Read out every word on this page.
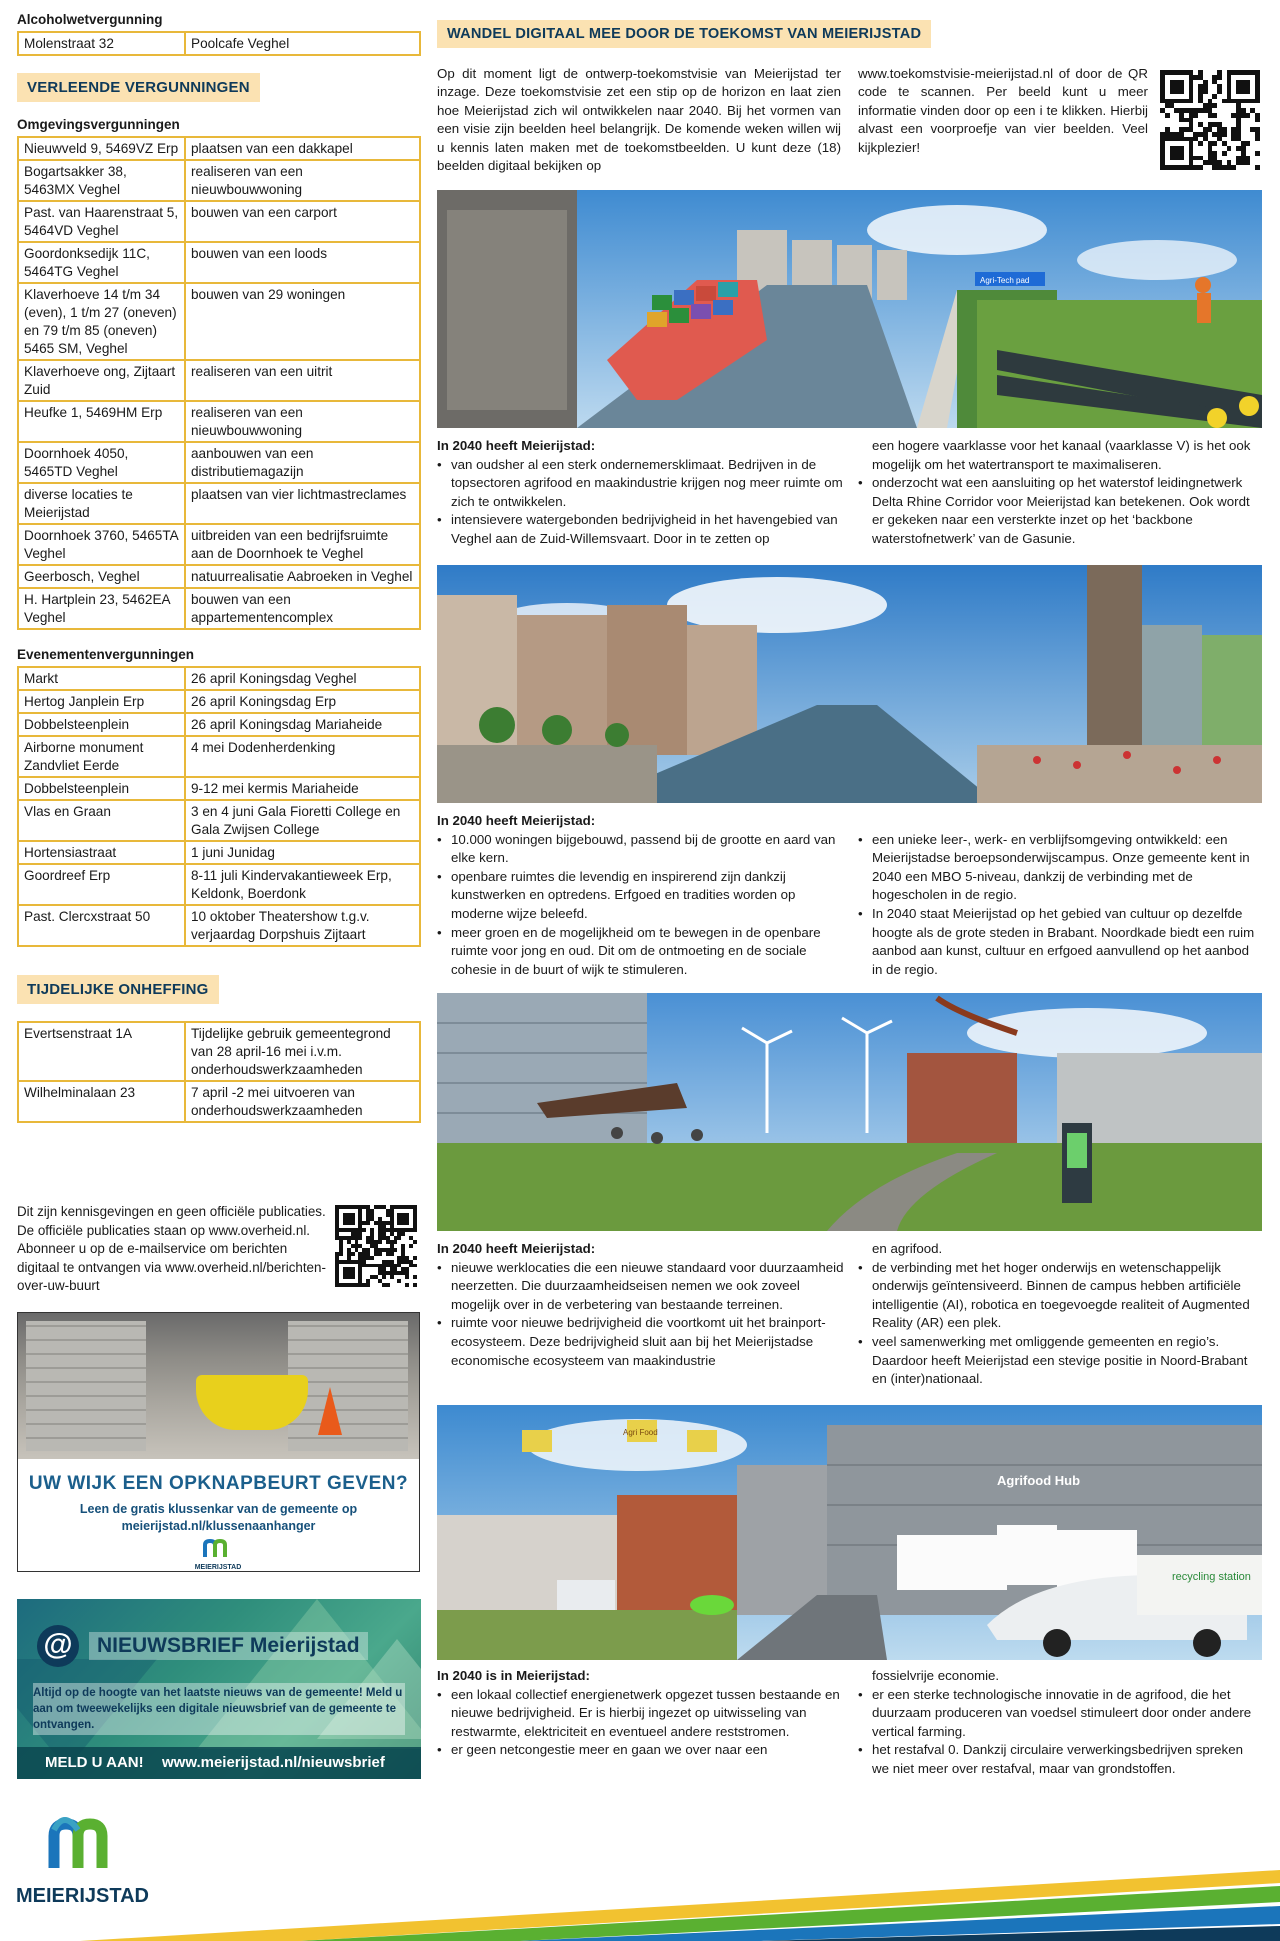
Alcoholwetvergunning
Molenstraat 32	Poolcafe Veghel
VERLEENDE VERGUNNINGEN
Omgevingsvergunningen
Nieuwveld 9, 5469VZ Erp	plaatsen van een dakkapel
Bogartsakker 38, 5463MX Veghel	realiseren van een nieuwbouwwoning
Past. van Haarenstraat 5, 5464VD Veghel	bouwen van een carport
Goordonksedijk 11C, 5464TG Veghel	bouwen van een loods
Klaverhoeve 14 t/m 34 (even), 1 t/m 27 (oneven) en 79 t/m 85 (oneven) 5465 SM, Veghel	bouwen van 29 woningen
Klaverhoeve ong, Zijtaart Zuid	realiseren van een uitrit
Heufke 1, 5469HM Erp	realiseren van een nieuwbouwwoning
Doornhoek 4050, 5465TD Veghel	aanbouwen van een distributiemagazijn
diverse locaties te Meierijstad	plaatsen van vier lichtmastreclames
Doornhoek 3760, 5465TA Veghel	uitbreiden van een bedrijfsruimte aan de Doornhoek te Veghel
Geerbosch, Veghel	natuurrealisatie Aabroeken in Veghel
H. Hartplein 23, 5462EA Veghel	bouwen van een appartementencomplex
Evenementenvergunningen
Markt	26 april Koningsdag Veghel
Hertog Janplein Erp	26 april Koningsdag Erp
Dobbelsteenplein	26 april Koningsdag Mariaheide
Airborne monument Zandvliet Eerde	4 mei Dodenherdenking
Dobbelsteenplein	9-12 mei kermis Mariaheide
Vlas en Graan	3 en 4 juni Gala Fioretti College en Gala Zwijsen College
Hortensiastraat	1 juni Junidag
Goordreef Erp	8-11 juli Kindervakantieweek Erp, Keldonk, Boerdonk
Past. Clercxstraat 50	10 oktober Theatershow t.g.v. verjaardag Dorpshuis Zijtaart
TIJDELIJKE ONHEFFING
Evertsenstraat 1A	Tijdelijke gebruik gemeentegrond van 28 april-16 mei i.v.m. onderhoudswerkzaamheden
Wilhelminalaan 23	7 april -2 mei uitvoeren van onderhoudswerkzaamheden
Dit zijn kennisgevingen en geen officiële publicaties. De officiële publicaties staan op www.overheid.nl. Abonneer u op de e-mailservice om berichten digitaal te ontvangen via www.overheid.nl/berichten-over-uw-buurt
UW WIJK EEN OPKNAPBEURT GEVEN?
Leen de gratis klussenkar van de gemeente op
meierijstad.nl/klussenaanhanger
MEIERIJSTAD
@	NIEUWSBRIEF Meierijstad
Altijd op de hoogte van het laatste nieuws van de gemeente! Meld u aan om tweewekelijks een digitale nieuwsbrief van de gemeente te ontvangen.
MELD U AAN! www.meierijstad.nl/nieuwsbrief
MEIERIJSTAD
WANDEL DIGITAAL MEE DOOR DE TOEKOMST VAN MEIERIJSTAD
Op dit moment ligt de ontwerp-toekomstvisie van Meierijstad ter inzage. Deze toekomstvisie zet een stip op de horizon en laat zien hoe Meierijstad zich wil ontwikkelen naar 2040. Bij het vormen van een visie zijn beelden heel belangrijk. De komende weken willen wij u kennis laten maken met de toekomstbeelden. U kunt deze (18) beelden digitaal bekijken op
www.toekomstvisie-meierijstad.nl of door de QR code te scannen. Per beeld kunt u meer informatie vinden door op een i te klikken. Hierbij alvast een voorproefje van vier beelden. Veel kijkplezier!
Agri-Tech pad
In 2040 heeft Meierijstad:
• van oudsher al een sterk ondernemersklimaat. Bedrijven in de topsectoren agrifood en maakindustrie krijgen nog meer ruimte om zich te ontwikkelen.
• intensievere watergebonden bedrijvigheid in het havengebied van Veghel aan de Zuid-Willemsvaart. Door in te zetten op
een hogere vaarklasse voor het kanaal (vaarklasse V) is het ook mogelijk om het watertransport te maximaliseren.
• onderzocht wat een aansluiting op het waterstof leidingnetwerk Delta Rhine Corridor voor Meierijstad kan betekenen. Ook wordt er gekeken naar een versterkte inzet op het ‘backbone waterstofnetwerk’ van de Gasunie.
In 2040 heeft Meierijstad:
• 10.000 woningen bijgebouwd, passend bij de grootte en aard van elke kern.
• openbare ruimtes die levendig en inspirerend zijn dankzij kunstwerken en optredens. Erfgoed en tradities worden op moderne wijze beleefd.
• meer groen en de mogelijkheid om te bewegen in de openbare ruimte voor jong en oud. Dit om de ontmoeting en de sociale cohesie in de buurt of wijk te stimuleren.
• een unieke leer-, werk- en verblijfsomgeving ontwikkeld: een Meierijstadse beroepsonderwijscampus. Onze gemeente kent in 2040 een MBO 5-niveau, dankzij de verbinding met de hogescholen in de regio.
• In 2040 staat Meierijstad op het gebied van cultuur op dezelfde hoogte als de grote steden in Brabant. Noordkade biedt een ruim aanbod aan kunst, cultuur en erfgoed aanvullend op het aanbod in de regio.
In 2040 heeft Meierijstad:
• nieuwe werklocaties die een nieuwe standaard voor duurzaamheid neerzetten. Die duurzaamheidseisen nemen we ook zoveel mogelijk over in de verbetering van bestaande terreinen.
• ruimte voor nieuwe bedrijvigheid die voortkomt uit het brainport-ecosysteem. Deze bedrijvigheid sluit aan bij het Meierijstadse economische ecosysteem van maakindustrie
en agrifood.
• de verbinding met het hoger onderwijs en wetenschappelijk onderwijs geïntensiveerd. Binnen de campus hebben artificiële intelligentie (AI), robotica en toegevoegde realiteit of Augmented Reality (AR) een plek.
• veel samenwerking met omliggende gemeenten en regio’s. Daardoor heeft Meierijstad een stevige positie in Noord-Brabant en (inter)nationaal.
Agrifood Hub
Agri Food
recycling station
In 2040 is in Meierijstad:
• een lokaal collectief energienetwerk opgezet tussen bestaande en nieuwe bedrijvigheid. Er is hierbij ingezet op uitwisseling van restwarmte, elektriciteit en eventueel andere reststromen.
• er geen netcongestie meer en gaan we over naar een
fossielvrije economie.
• er een sterke technologische innovatie in de agrifood, die het duurzaam produceren van voedsel stimuleert door onder andere vertical farming.
• het restafval 0. Dankzij circulaire verwerkingsbedrijven spreken we niet meer over restafval, maar van grondstoffen.
